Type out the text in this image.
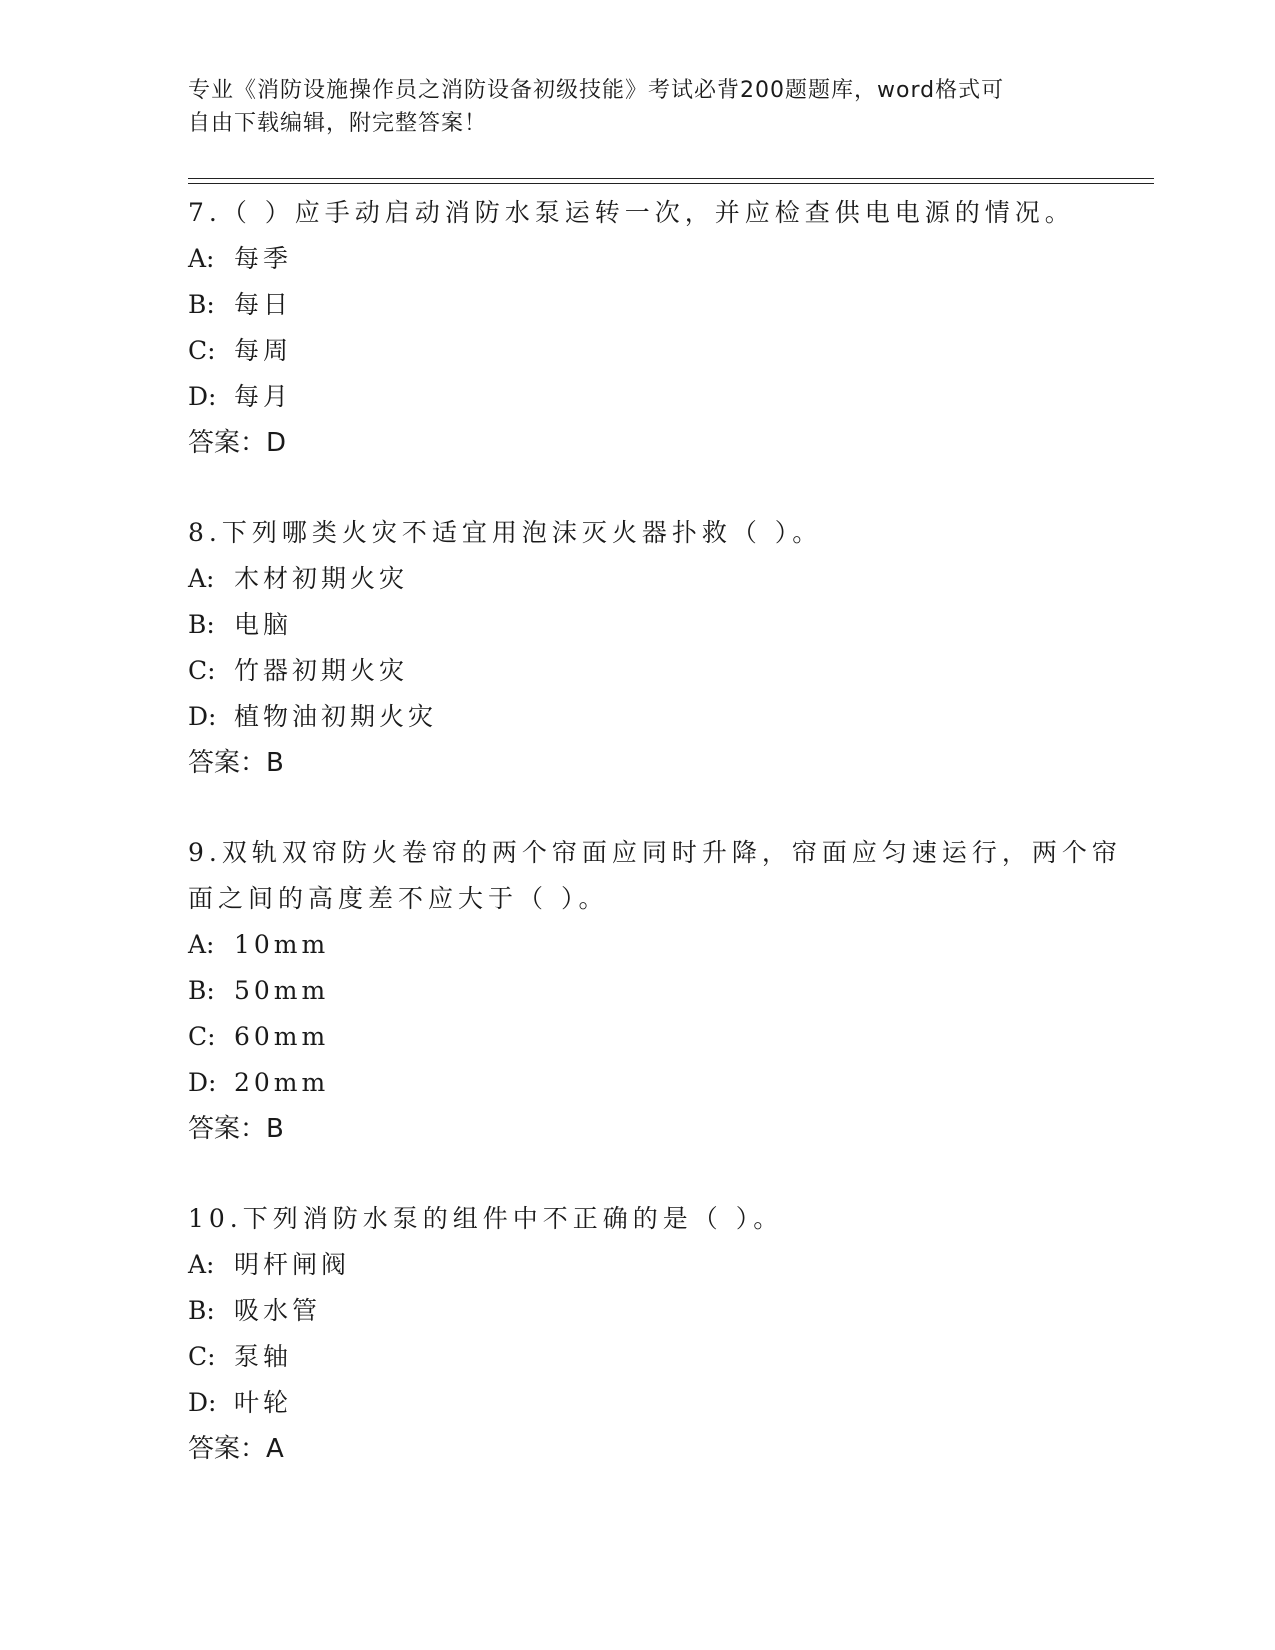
专业《消防设施操作员之消防设备初级技能》考试必背200题题库，word格式可
自由下载编辑，附完整答案！

7.（ ）应手动启动消防水泵运转一次，并应检查供电电源的情况。

A: 每季
B: 每日
C: 每周
D: 每月

答案：D

8.下列哪类火灾不适宜用泡沫灭火器扑救（ ）。

A: 木材初期火灾
B: 电脑
C: 竹器初期火灾
D: 植物油初期火灾

答案：B

9.双轨双帘防火卷帘的两个帘面应同时升降，帘面应匀速运行，两个帘面之间的高度差不应大于（ ）。

A: 10mm
B: 50mm
C: 60mm
D: 20mm

答案：B

10.下列消防水泵的组件中不正确的是（ ）。

A: 明杆闸阀
B: 吸水管
C: 泵轴
D: 叶轮

答案：A
